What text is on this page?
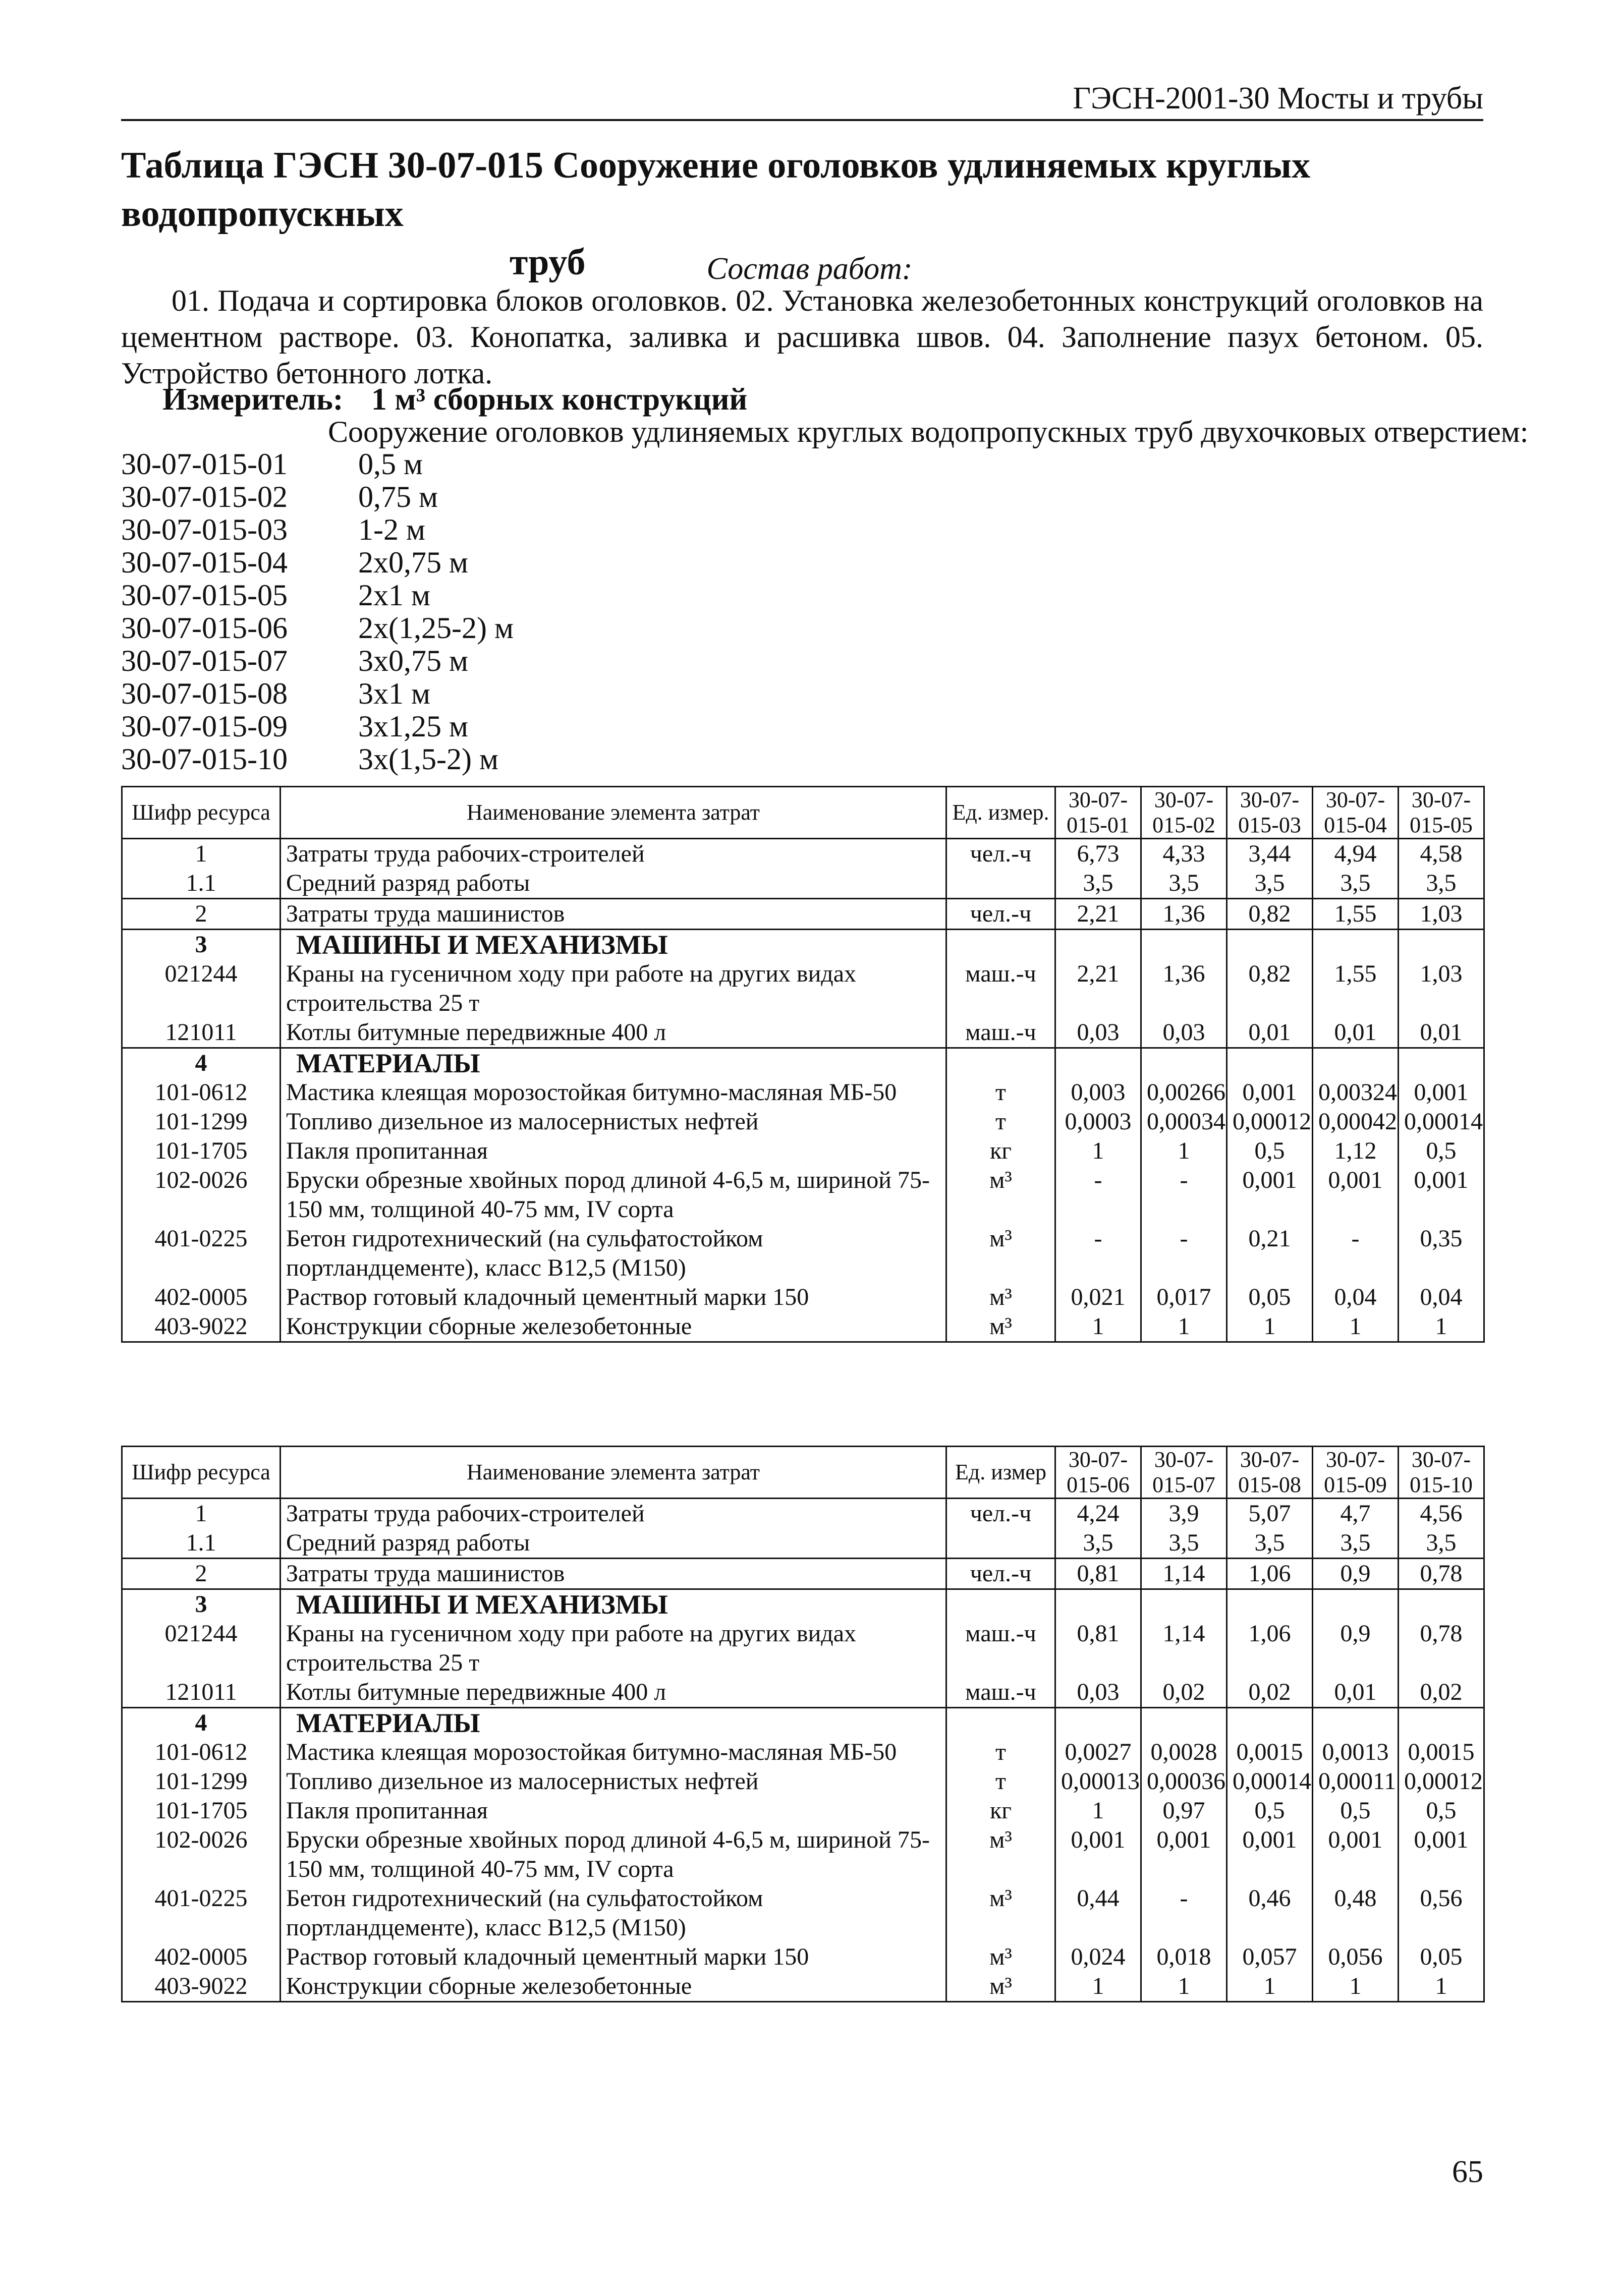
ГЭСН-2001-30 Мосты и трубы
Таблица ГЭСН 30-07-015 Сооружение оголовков удлиняемых круглых водопропускных
труб	Состав работ:
01. Подача и сортировка блоков оголовков. 02. Установка железобетонных конструкций оголовков на цементном растворе. 03. Конопатка, заливка и расшивка швов. 04. Заполнение пазух бетоном. 05. Устройство бетонного лотка.
Измеритель: 1 м³ сборных конструкций
Сооружение оголовков удлиняемых круглых водопропускных труб двухочковых отверстием:
30-07-015-01	0,5 м
30-07-015-02	0,75 м
30-07-015-03	1-2 м
30-07-015-04	2x0,75 м
30-07-015-05	2x1 м
30-07-015-06	2x(1,25-2) м
30-07-015-07	3x0,75 м
30-07-015-08	3x1 м
30-07-015-09	3x1,25 м
30-07-015-10	3x(1,5-2) м
Шифр ресурса	Наименование элемента затрат	Ед. измер.	30-07- 015-01	30-07- 015-02	30-07- 015-03	30-07- 015-04	30-07- 015-05
1	Затраты труда рабочих-строителей	чел.-ч	6,73	4,33	3,44	4,94	4,58
1.1	Средний разряд работы		3,5	3,5	3,5	3,5	3,5
2	Затраты труда машинистов	чел.-ч	2,21	1,36	0,82	1,55	1,03
3	МАШИНЫ И МЕХАНИЗМЫ						
021244	Краны на гусеничном ходу при работе на других видах строительства 25 т	маш.-ч	2,21	1,36	0,82	1,55	1,03
121011	Котлы битумные передвижные 400 л	маш.-ч	0,03	0,03	0,01	0,01	0,01
4	МАТЕРИАЛЫ						
101-0612	Мастика клеящая морозостойкая битумно-масляная МБ-50	т	0,003	0,00266	0,001	0,00324	0,001
101-1299	Топливо дизельное из малосернистых нефтей	т	0,0003	0,00034	0,00012	0,00042	0,00014
101-1705	Пакля пропитанная	кг	1	1	0,5	1,12	0,5
102-0026	Бруски обрезные хвойных пород длиной 4-6,5 м, шириной 75-150 мм, толщиной 40-75 мм, IV сорта	м³	-	-	0,001	0,001	0,001
401-0225	Бетон гидротехнический (на сульфатостойком портландцементе), класс В12,5 (М150)	м³	-	-	0,21	-	0,35
402-0005	Раствор готовый кладочный цементный марки 150	м³	0,021	0,017	0,05	0,04	0,04
403-9022	Конструкции сборные железобетонные	м³	1	1	1	1	1
Шифр ресурса	Наименование элемента затрат	Ед. измер	30-07- 015-06	30-07- 015-07	30-07- 015-08	30-07- 015-09	30-07- 015-10
1	Затраты труда рабочих-строителей	чел.-ч	4,24	3,9	5,07	4,7	4,56
1.1	Средний разряд работы		3,5	3,5	3,5	3,5	3,5
2	Затраты труда машинистов	чел.-ч	0,81	1,14	1,06	0,9	0,78
3	МАШИНЫ И МЕХАНИЗМЫ						
021244	Краны на гусеничном ходу при работе на других видах строительства 25 т	маш.-ч	0,81	1,14	1,06	0,9	0,78
121011	Котлы битумные передвижные 400 л	маш.-ч	0,03	0,02	0,02	0,01	0,02
4	МАТЕРИАЛЫ						
101-0612	Мастика клеящая морозостойкая битумно-масляная МБ-50	т	0,0027	0,0028	0,0015	0,0013	0,0015
101-1299	Топливо дизельное из малосернистых нефтей	т	0,00013	0,00036	0,00014	0,00011	0,00012
101-1705	Пакля пропитанная	кг	1	0,97	0,5	0,5	0,5
102-0026	Бруски обрезные хвойных пород длиной 4-6,5 м, шириной 75-150 мм, толщиной 40-75 мм, IV сорта	м³	0,001	0,001	0,001	0,001	0,001
401-0225	Бетон гидротехнический (на сульфатостойком портландцементе), класс В12,5 (М150)	м³	0,44	-	0,46	0,48	0,56
402-0005	Раствор готовый кладочный цементный марки 150	м³	0,024	0,018	0,057	0,056	0,05
403-9022	Конструкции сборные железобетонные	м³	1	1	1	1	1
65
